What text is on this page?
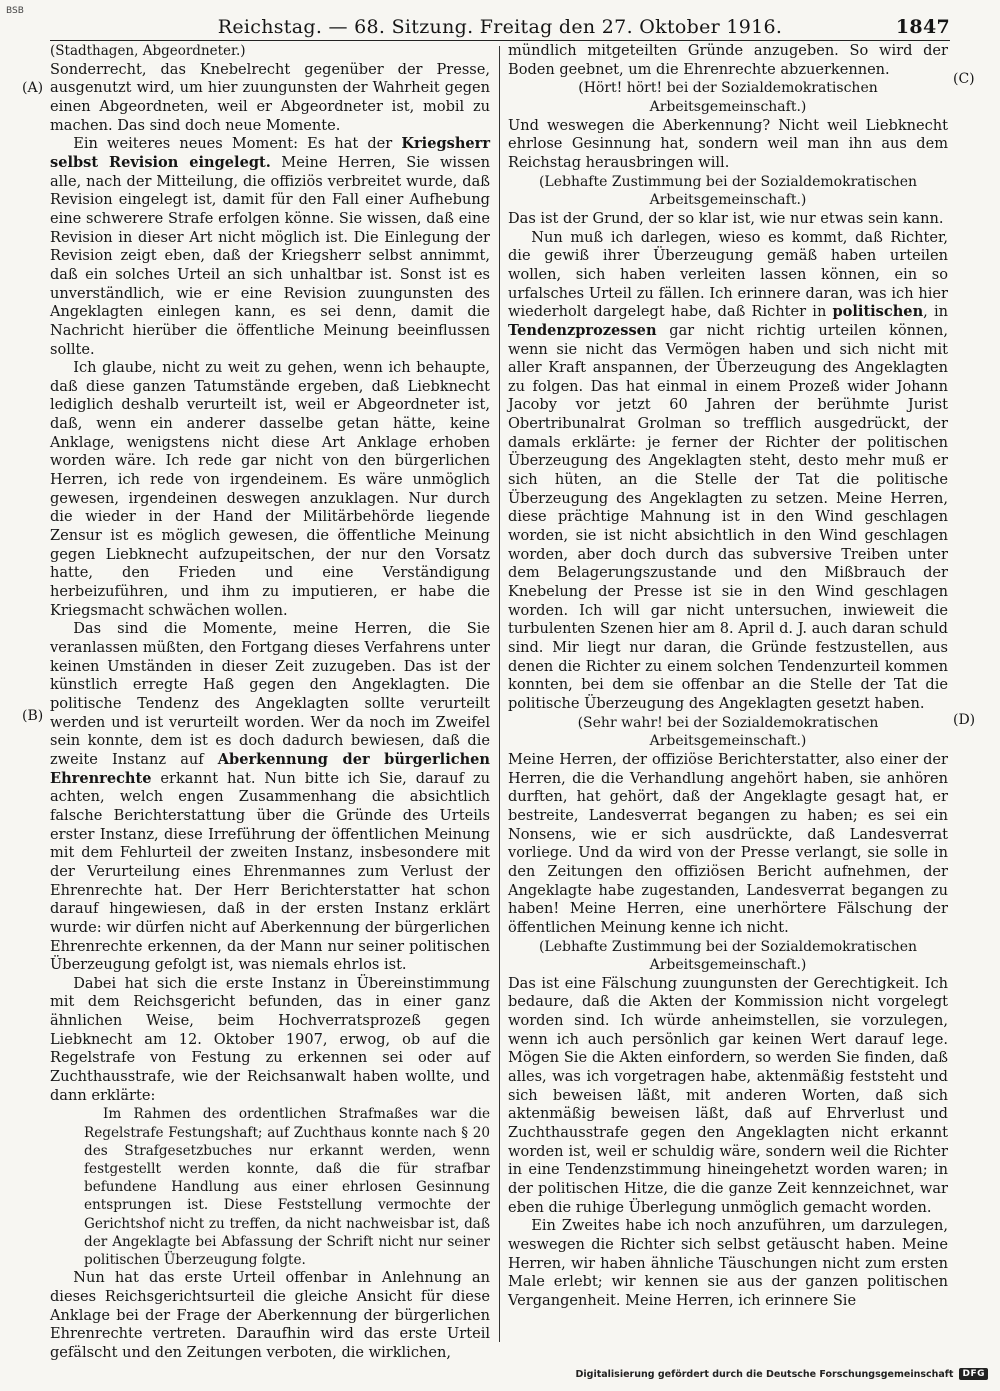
BSB
Reichstag. — 68. Sitzung. Freitag den 27. Oktober 1916.	1847
(A)
(B)
(C)
(D)

(Stadthagen, Abgeordneter.)

Sonderrecht, das Knebelrecht gegenüber der Presse, ausgenutzt wird, um hier zuungunsten der Wahrheit gegen einen Abgeordneten, weil er Abgeordneter ist, mobil zu machen. Das sind doch neue Momente.

Ein weiteres neues Moment: Es hat der Kriegsherr selbst Revision eingelegt. Meine Herren, Sie wissen alle, nach der Mitteilung, die offiziös verbreitet wurde, daß Revision eingelegt ist, damit für den Fall einer Aufhebung eine schwerere Strafe erfolgen könne. Sie wissen, daß eine Revision in dieser Art nicht möglich ist. Die Einlegung der Revision zeigt eben, daß der Kriegsherr selbst annimmt, daß ein solches Urteil an sich unhaltbar ist. Sonst ist es unverständlich, wie er eine Revision zuungunsten des Angeklagten einlegen kann, es sei denn, damit die Nachricht hierüber die öffentliche Meinung beeinflussen sollte.

Ich glaube, nicht zu weit zu gehen, wenn ich behaupte, daß diese ganzen Tatumstände ergeben, daß Liebknecht lediglich deshalb verurteilt ist, weil er Abgeordneter ist, daß, wenn ein anderer dasselbe getan hätte, keine Anklage, wenigstens nicht diese Art Anklage erhoben worden wäre. Ich rede gar nicht von den bürgerlichen Herren, ich rede von irgendeinem. Es wäre unmöglich gewesen, irgendeinen deswegen anzuklagen. Nur durch die wieder in der Hand der Militärbehörde liegende Zensur ist es möglich gewesen, die öffentliche Meinung gegen Liebknecht aufzupeitschen, der nur den Vorsatz hatte, den Frieden und eine Verständigung herbeizuführen, und ihm zu imputieren, er habe die Kriegsmacht schwächen wollen.

Das sind die Momente, meine Herren, die Sie veranlassen müßten, den Fortgang dieses Verfahrens unter keinen Umständen in dieser Zeit zuzugeben. Das ist der künstlich erregte Haß gegen den Angeklagten. Die politische Tendenz des Angeklagten sollte verurteilt werden und ist verurteilt worden. Wer da noch im Zweifel sein konnte, dem ist es doch dadurch bewiesen, daß die zweite Instanz auf Aberkennung der bürgerlichen Ehrenrechte erkannt hat. Nun bitte ich Sie, darauf zu achten, welch engen Zusammenhang die absichtlich falsche Berichterstattung über die Gründe des Urteils erster Instanz, diese Irreführung der öffentlichen Meinung mit dem Fehlurteil der zweiten Instanz, insbesondere mit der Verurteilung eines Ehrenmannes zum Verlust der Ehrenrechte hat. Der Herr Berichterstatter hat schon darauf hingewiesen, daß in der ersten Instanz erklärt wurde: wir dürfen nicht auf Aberkennung der bürgerlichen Ehrenrechte erkennen, da der Mann nur seiner politischen Überzeugung gefolgt ist, was niemals ehrlos ist.

Dabei hat sich die erste Instanz in Übereinstimmung mit dem Reichsgericht befunden, das in einer ganz ähnlichen Weise, beim Hochverratsprozeß gegen Liebknecht am 12. Oktober 1907, erwog, ob auf die Regelstrafe von Festung zu erkennen sei oder auf Zuchthausstrafe, wie der Reichsanwalt haben wollte, und dann erklärte:

Im Rahmen des ordentlichen Strafmaßes war die Regelstrafe Festungshaft; auf Zuchthaus konnte nach § 20 des Strafgesetzbuches nur erkannt werden, wenn festgestellt werden konnte, daß die für strafbar befundene Handlung aus einer ehrlosen Gesinnung entsprungen ist. Diese Feststellung vermochte der Gerichtshof nicht zu treffen, da nicht nachweisbar ist, daß der Angeklagte bei Abfassung der Schrift nicht nur seiner politischen Überzeugung folgte.

Nun hat das erste Urteil offenbar in Anlehnung an dieses Reichsgerichtsurteil die gleiche Ansicht für diese Anklage bei der Frage der Aberkennung der bürgerlichen Ehrenrechte vertreten. Daraufhin wird das erste Urteil gefälscht und den Zeitungen verboten, die wirklichen,

mündlich mitgeteilten Gründe anzugeben. So wird der Boden geebnet, um die Ehrenrechte abzuerkennen.

(Hört! hört! bei der Sozialdemokratischen Arbeitsgemeinschaft.)

Und weswegen die Aberkennung? Nicht weil Liebknecht ehrlose Gesinnung hat, sondern weil man ihn aus dem Reichstag herausbringen will.

(Lebhafte Zustimmung bei der Sozialdemokratischen Arbeitsgemeinschaft.)

Das ist der Grund, der so klar ist, wie nur etwas sein kann.

Nun muß ich darlegen, wieso es kommt, daß Richter, die gewiß ihrer Überzeugung gemäß haben urteilen wollen, sich haben verleiten lassen können, ein so urfalsches Urteil zu fällen. Ich erinnere daran, was ich hier wiederholt dargelegt habe, daß Richter in politischen, in Tendenzprozessen gar nicht richtig urteilen können, wenn sie nicht das Vermögen haben und sich nicht mit aller Kraft anspannen, der Überzeugung des Angeklagten zu folgen. Das hat einmal in einem Prozeß wider Johann Jacoby vor jetzt 60 Jahren der berühmte Jurist Obertribunalrat Grolman so trefflich ausgedrückt, der damals erklärte: je ferner der Richter der politischen Überzeugung des Angeklagten steht, desto mehr muß er sich hüten, an die Stelle der Tat die politische Überzeugung des Angeklagten zu setzen. Meine Herren, diese prächtige Mahnung ist in den Wind geschlagen worden, sie ist nicht absichtlich in den Wind geschlagen worden, aber doch durch das subversive Treiben unter dem Belagerungszustande und den Mißbrauch der Knebelung der Presse ist sie in den Wind geschlagen worden. Ich will gar nicht untersuchen, inwieweit die turbulenten Szenen hier am 8. April d. J. auch daran schuld sind. Mir liegt nur daran, die Gründe festzustellen, aus denen die Richter zu einem solchen Tendenzurteil kommen konnten, bei dem sie offenbar an die Stelle der Tat die politische Überzeugung des Angeklagten gesetzt haben.

(Sehr wahr! bei der Sozialdemokratischen Arbeitsgemeinschaft.)

Meine Herren, der offiziöse Berichterstatter, also einer der Herren, die die Verhandlung angehört haben, sie anhören durften, hat gehört, daß der Angeklagte gesagt hat, er bestreite, Landesverrat begangen zu haben; es sei ein Nonsens, wie er sich ausdrückte, daß Landesverrat vorliege. Und da wird von der Presse verlangt, sie solle in den Zeitungen den offiziösen Bericht aufnehmen, der Angeklagte habe zugestanden, Landesverrat begangen zu haben! Meine Herren, eine unerhörtere Fälschung der öffentlichen Meinung kenne ich nicht.

(Lebhafte Zustimmung bei der Sozialdemokratischen Arbeitsgemeinschaft.)

Das ist eine Fälschung zuungunsten der Gerechtigkeit. Ich bedaure, daß die Akten der Kommission nicht vorgelegt worden sind. Ich würde anheimstellen, sie vorzulegen, wenn ich auch persönlich gar keinen Wert darauf lege. Mögen Sie die Akten einfordern, so werden Sie finden, daß alles, was ich vorgetragen habe, aktenmäßig feststeht und sich beweisen läßt, mit anderen Worten, daß sich aktenmäßig beweisen läßt, daß auf Ehrverlust und Zuchthausstrafe gegen den Angeklagten nicht erkannt worden ist, weil er schuldig wäre, sondern weil die Richter in eine Tendenzstimmung hineingehetzt worden waren; in der politischen Hitze, die die ganze Zeit kennzeichnet, war eben die ruhige Überlegung unmöglich gemacht worden.

Ein Zweites habe ich noch anzuführen, um darzulegen, weswegen die Richter sich selbst getäuscht haben. Meine Herren, wir haben ähnliche Täuschungen nicht zum ersten Male erlebt; wir kennen sie aus der ganzen politischen Vergangenheit. Meine Herren, ich erinnere Sie

Digitalisierung gefördert durch die Deutsche Forschungsgemeinschaft	DFG
